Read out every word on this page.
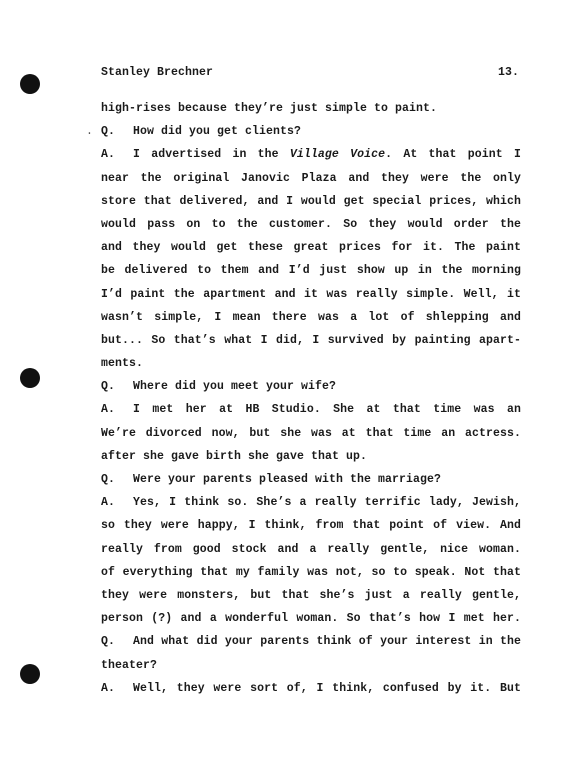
Stanley Brechner	13.
high-rises because they’re just simple to paint.
. Q. How did you get clients?
A. I advertised in the Village Voice. At that point I
near the original Janovic Plaza and they were the only
store that delivered, and I would get special prices, which
would pass on to the customer. So they would order the
and they would get these great prices for it. The paint
be delivered to them and I’d just show up in the morning
I’d paint the apartment and it was really simple. Well, it
wasn’t simple, I mean there was a lot of shlepping and
but... So that’s what I did, I survived by painting apart-
ments.
Q. Where did you meet your wife?
A. I met her at HB Studio. She at that time was an
We’re divorced now, but she was at that time an actress.
after she gave birth she gave that up.
Q. Were your parents pleased with the marriage?
A. Yes, I think so. She’s a really terrific lady, Jewish,
so they were happy, I think, from that point of view. And
really from good stock and a really gentle, nice woman.
of everything that my family was not, so to speak. Not that
they were monsters, but that she’s just a really gentle,
person (?) and a wonderful woman. So that’s how I met her.
Q. And what did your parents think of your interest in the
theater?
A. Well, they were sort of, I think, confused by it. But
